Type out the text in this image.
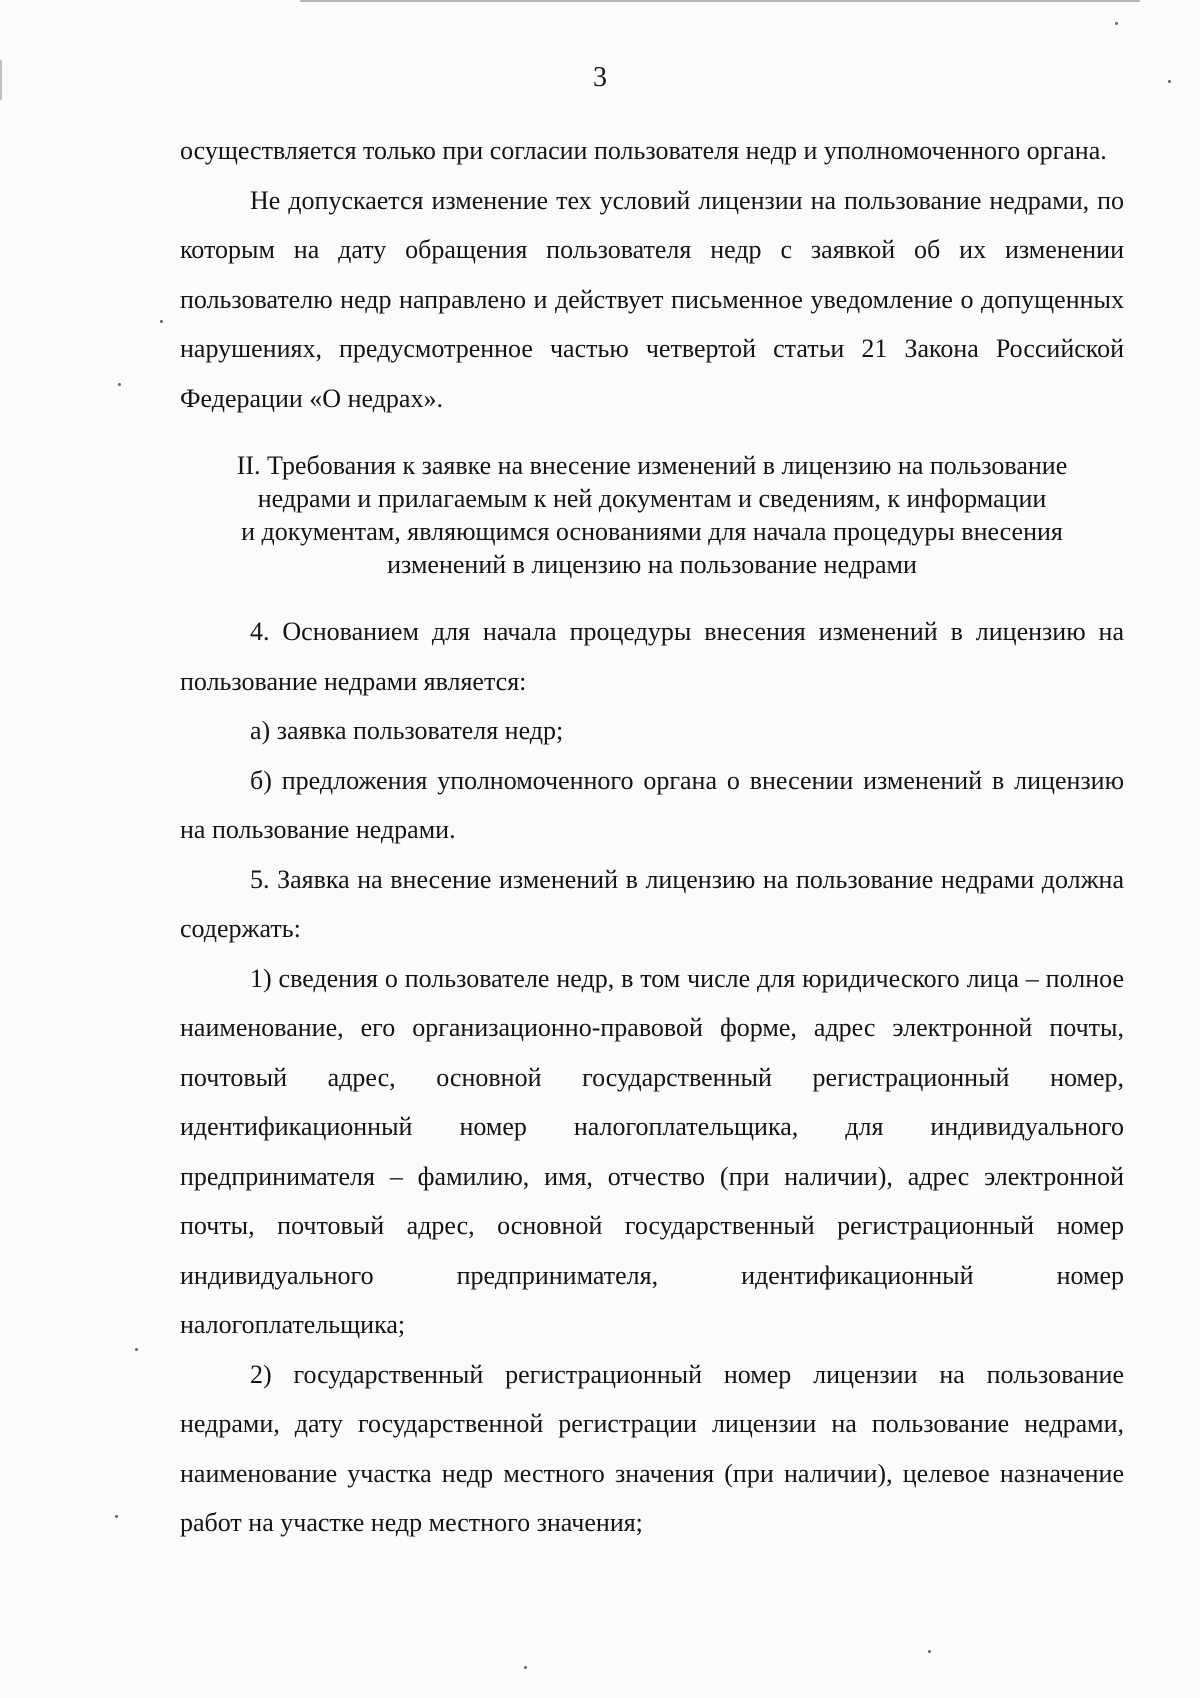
3

осуществляется только при согласии пользователя недр и уполномоченного органа.

Не допускается изменение тех условий лицензии на пользование недрами, по которым на дату обращения пользователя недр с заявкой об их изменении пользователю недр направлено и действует письменное уведомление о допущенных нарушениях, предусмотренное частью четвертой статьи 21 Закона Российской Федерации «О недрах».

II. Требования к заявке на внесение изменений в лицензию на пользование
недрами и прилагаемым к ней документам и сведениям, к информации
и документам, являющимся основаниями для начала процедуры внесения
изменений в лицензию на пользование недрами

4. Основанием для начала процедуры внесения изменений в лицензию на пользование недрами является:

а) заявка пользователя недр;

б) предложения уполномоченного органа о внесении изменений в лицензию на пользование недрами.

5. Заявка на внесение изменений в лицензию на пользование недрами должна содержать:

1) сведения о пользователе недр, в том числе для юридического лица – полное наименование, его организационно-правовой форме, адрес электронной почты, почтовый адрес, основной государственный регистрационный номер, идентификационный номер налогоплательщика, для индивидуального предпринимателя – фамилию, имя, отчество (при наличии), адрес электронной почты, почтовый адрес, основной государственный регистрационный номер индивидуального предпринимателя, идентификационный номер налогоплательщика;

2) государственный регистрационный номер лицензии на пользование недрами, дату государственной регистрации лицензии на пользование недрами, наименование участка недр местного значения (при наличии), целевое назначение работ на участке недр местного значения;
